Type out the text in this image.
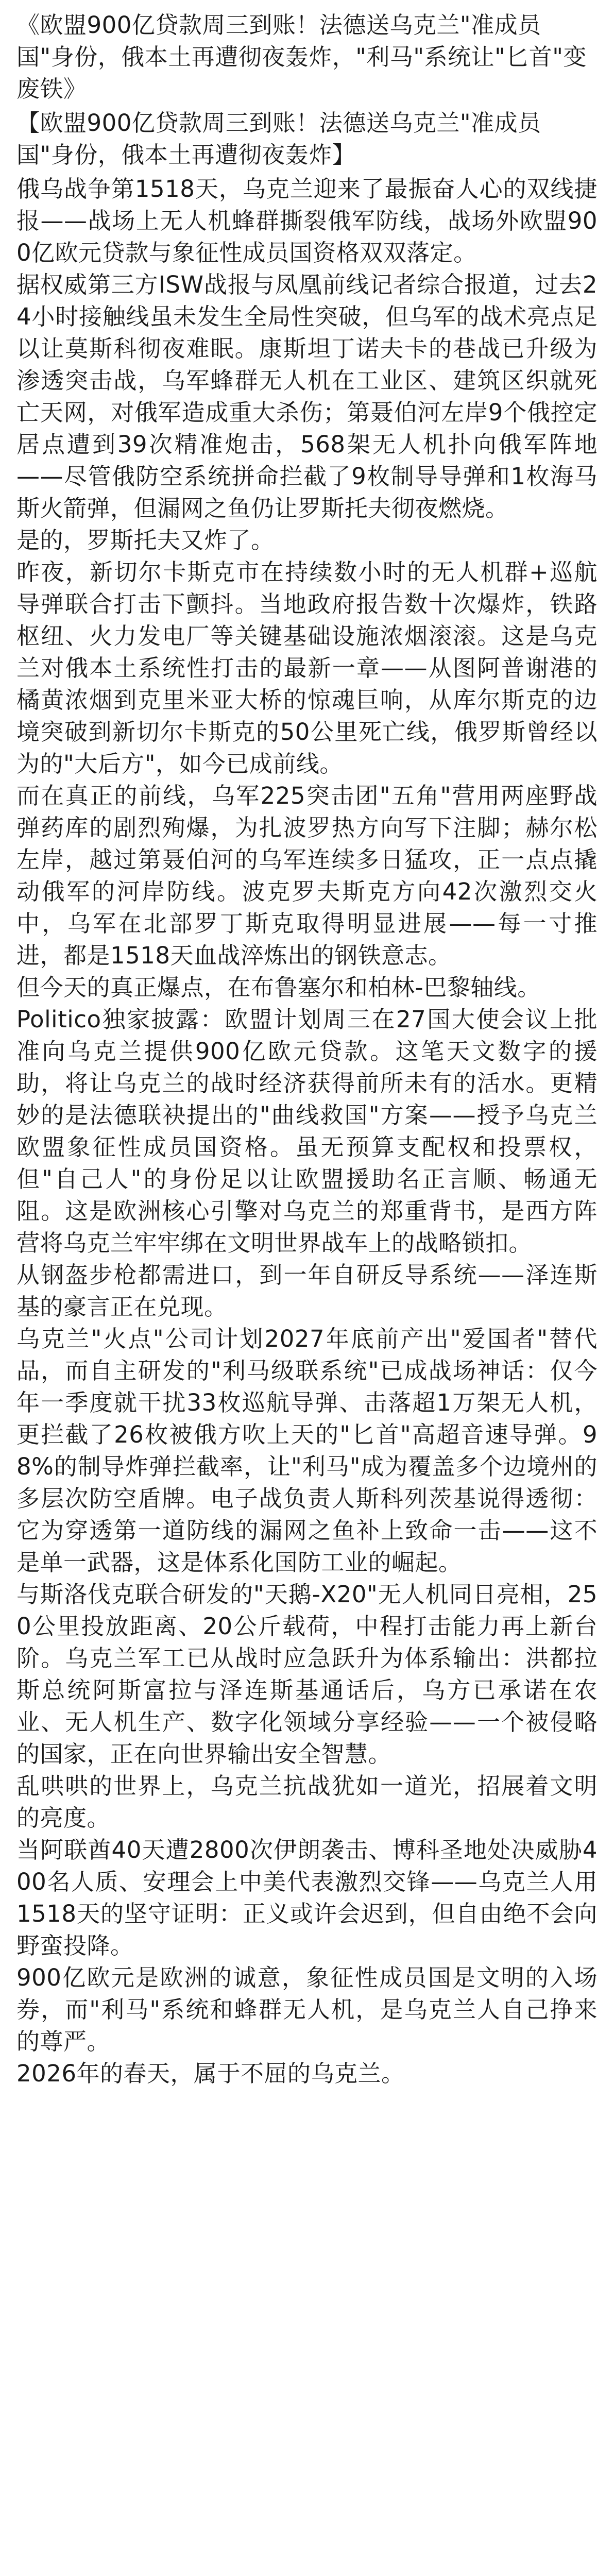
《欧盟900亿贷款周三到账！法德送乌克兰"准成员国"身份，俄本土再遭彻夜轰炸，"利马"系统让"匕首"变废铁》
【欧盟900亿贷款周三到账！法德送乌克兰"准成员国"身份，俄本土再遭彻夜轰炸】

俄乌战争第1518天，乌克兰迎来了最振奋人心的双线捷报——战场上无人机蜂群撕裂俄军防线，战场外欧盟900亿欧元贷款与象征性成员国资格双双落定。

据权威第三方ISW战报与凤凰前线记者综合报道，过去24小时接触线虽未发生全局性突破，但乌军的战术亮点足以让莫斯科彻夜难眠。康斯坦丁诺夫卡的巷战已升级为渗透突击战，乌军蜂群无人机在工业区、建筑区织就死亡天网，对俄军造成重大杀伤；第聂伯河左岸9个俄控定居点遭到39次精准炮击，568架无人机扑向俄军阵地——尽管俄防空系统拼命拦截了9枚制导导弹和1枚海马斯火箭弹，但漏网之鱼仍让罗斯托夫彻夜燃烧。

是的，罗斯托夫又炸了。

昨夜，新切尔卡斯克市在持续数小时的无人机群+巡航导弹联合打击下颤抖。当地政府报告数十次爆炸，铁路枢纽、火力发电厂等关键基础设施浓烟滚滚。这是乌克兰对俄本土系统性打击的最新一章——从图阿普谢港的橘黄浓烟到克里米亚大桥的惊魂巨响，从库尔斯克的边境突破到新切尔卡斯克的50公里死亡线，俄罗斯曾经以为的"大后方"，如今已成前线。

而在真正的前线，乌军225突击团"五角"营用两座野战弹药库的剧烈殉爆，为扎波罗热方向写下注脚；赫尔松左岸，越过第聂伯河的乌军连续多日猛攻，正一点点撬动俄军的河岸防线。波克罗夫斯克方向42次激烈交火中，乌军在北部罗丁斯克取得明显进展——每一寸推进，都是1518天血战淬炼出的钢铁意志。

但今天的真正爆点，在布鲁塞尔和柏林-巴黎轴线。

Politico独家披露：欧盟计划周三在27国大使会议上批准向乌克兰提供900亿欧元贷款。这笔天文数字的援助，将让乌克兰的战时经济获得前所未有的活水。更精妙的是法德联袂提出的"曲线救国"方案——授予乌克兰欧盟象征性成员国资格。虽无预算支配权和投票权，但"自己人"的身份足以让欧盟援助名正言顺、畅通无阻。这是欧洲核心引擎对乌克兰的郑重背书，是西方阵营将乌克兰牢牢绑在文明世界战车上的战略锁扣。

从钢盔步枪都需进口，到一年自研反导系统——泽连斯基的豪言正在兑现。

乌克兰"火点"公司计划2027年底前产出"爱国者"替代品，而自主研发的"利马级联系统"已成战场神话：仅今年一季度就干扰33枚巡航导弹、击落超1万架无人机，更拦截了26枚被俄方吹上天的"匕首"高超音速导弹。98%的制导炸弹拦截率，让"利马"成为覆盖多个边境州的多层次防空盾牌。电子战负责人斯科列茨基说得透彻：它为穿透第一道防线的漏网之鱼补上致命一击——这不是单一武器，这是体系化国防工业的崛起。

与斯洛伐克联合研发的"天鹅-X20"无人机同日亮相，250公里投放距离、20公斤载荷，中程打击能力再上新台阶。乌克兰军工已从战时应急跃升为体系输出：洪都拉斯总统阿斯富拉与泽连斯基通话后，乌方已承诺在农业、无人机生产、数字化领域分享经验——一个被侵略的国家，正在向世界输出安全智慧。

乱哄哄的世界上，乌克兰抗战犹如一道光，招展着文明的亮度。

当阿联酋40天遭2800次伊朗袭击、博科圣地处决威胁400名人质、安理会上中美代表激烈交锋——乌克兰人用1518天的坚守证明：正义或许会迟到，但自由绝不会向野蛮投降。

900亿欧元是欧洲的诚意，象征性成员国是文明的入场券，而"利马"系统和蜂群无人机，是乌克兰人自己挣来的尊严。

2026年的春天，属于不屈的乌克兰。
